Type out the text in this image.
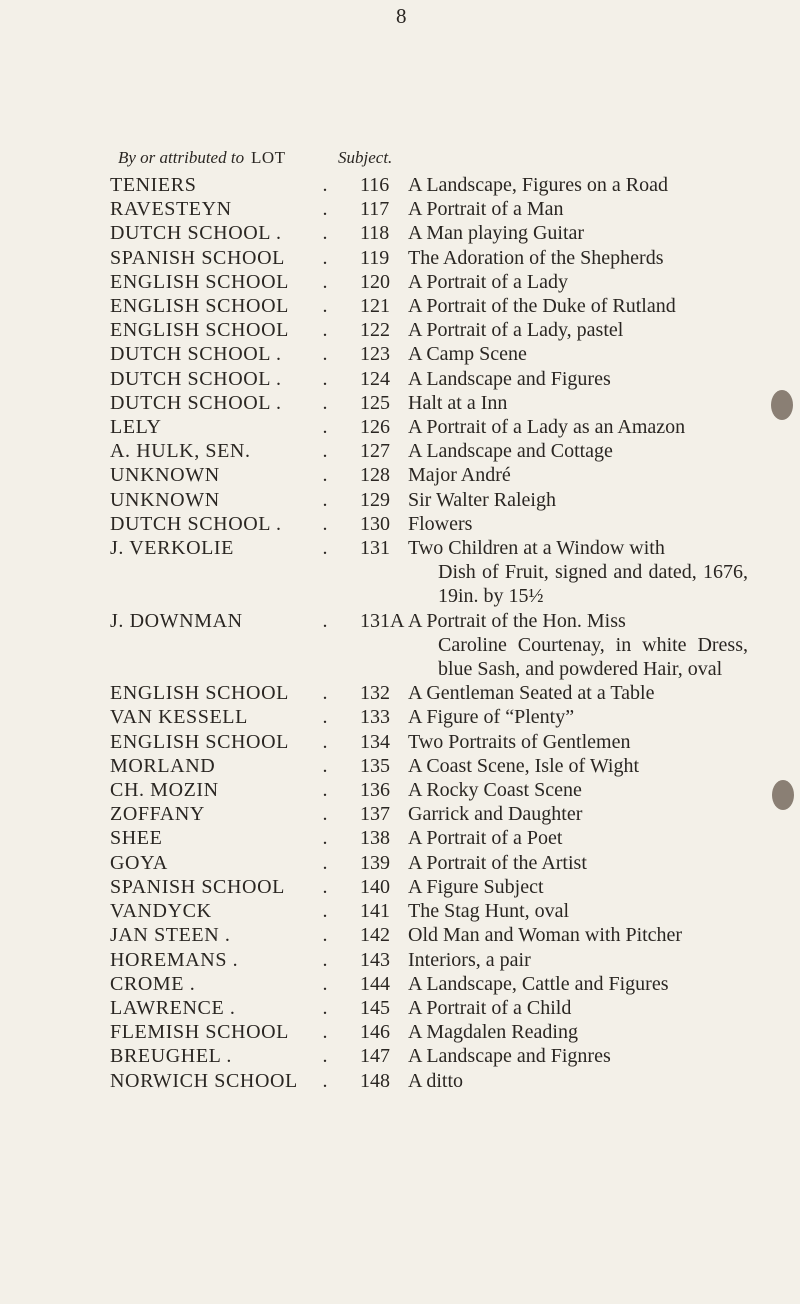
8
By or attributed to LOT	Subject.
TENIERS	.	116 A Landscape, Figures on a Road
RAVESTEYN	.	117 A Portrait of a Man
DUTCH SCHOOL .	.	118 A Man playing Guitar
SPANISH SCHOOL	.	119 The Adoration of the Shepherds
ENGLISH SCHOOL	.	120 A Portrait of a Lady
ENGLISH SCHOOL	.	121 A Portrait of the Duke of Rutland
ENGLISH SCHOOL	.	122 A Portrait of a Lady, pastel
DUTCH SCHOOL .	.	123 A Camp Scene
DUTCH SCHOOL .	.	124 A Landscape and Figures
DUTCH SCHOOL .	.	125 Halt at a Inn
LELY	.	126 A Portrait of a Lady as an Amazon
A. HULK, SEN.	.	127 A Landscape and Cottage
UNKNOWN	.	128 Major André
UNKNOWN	.	129 Sir Walter Raleigh
DUTCH SCHOOL .	.	130 Flowers
J. VERKOLIE	.	131 Two Children at a Window with
Dish of Fruit, signed and dated, 1676, 19in. by 15½
J. DOWNMAN	.	131A A Portrait of the Hon. Miss
Caroline Courtenay, in white Dress, blue Sash, and powdered Hair, oval
ENGLISH SCHOOL	.	132 A Gentleman Seated at a Table
VAN KESSELL	.	133 A Figure of “Plenty”
ENGLISH SCHOOL	.	134 Two Portraits of Gentlemen
MORLAND	.	135 A Coast Scene, Isle of Wight
CH. MOZIN	.	136 A Rocky Coast Scene
ZOFFANY	.	137 Garrick and Daughter
SHEE	.	138 A Portrait of a Poet
GOYA	.	139 A Portrait of the Artist
SPANISH SCHOOL	.	140 A Figure Subject
VANDYCK	.	141 The Stag Hunt, oval
JAN STEEN .	.	142 Old Man and Woman with Pitcher
HOREMANS .	.	143 Interiors, a pair
CROME .	.	144 A Landscape, Cattle and Figures
LAWRENCE .	.	145 A Portrait of a Child
FLEMISH SCHOOL	.	146 A Magdalen Reading
BREUGHEL .	.	147 A Landscape and Fignres
NORWICH SCHOOL	.	148 A ditto
